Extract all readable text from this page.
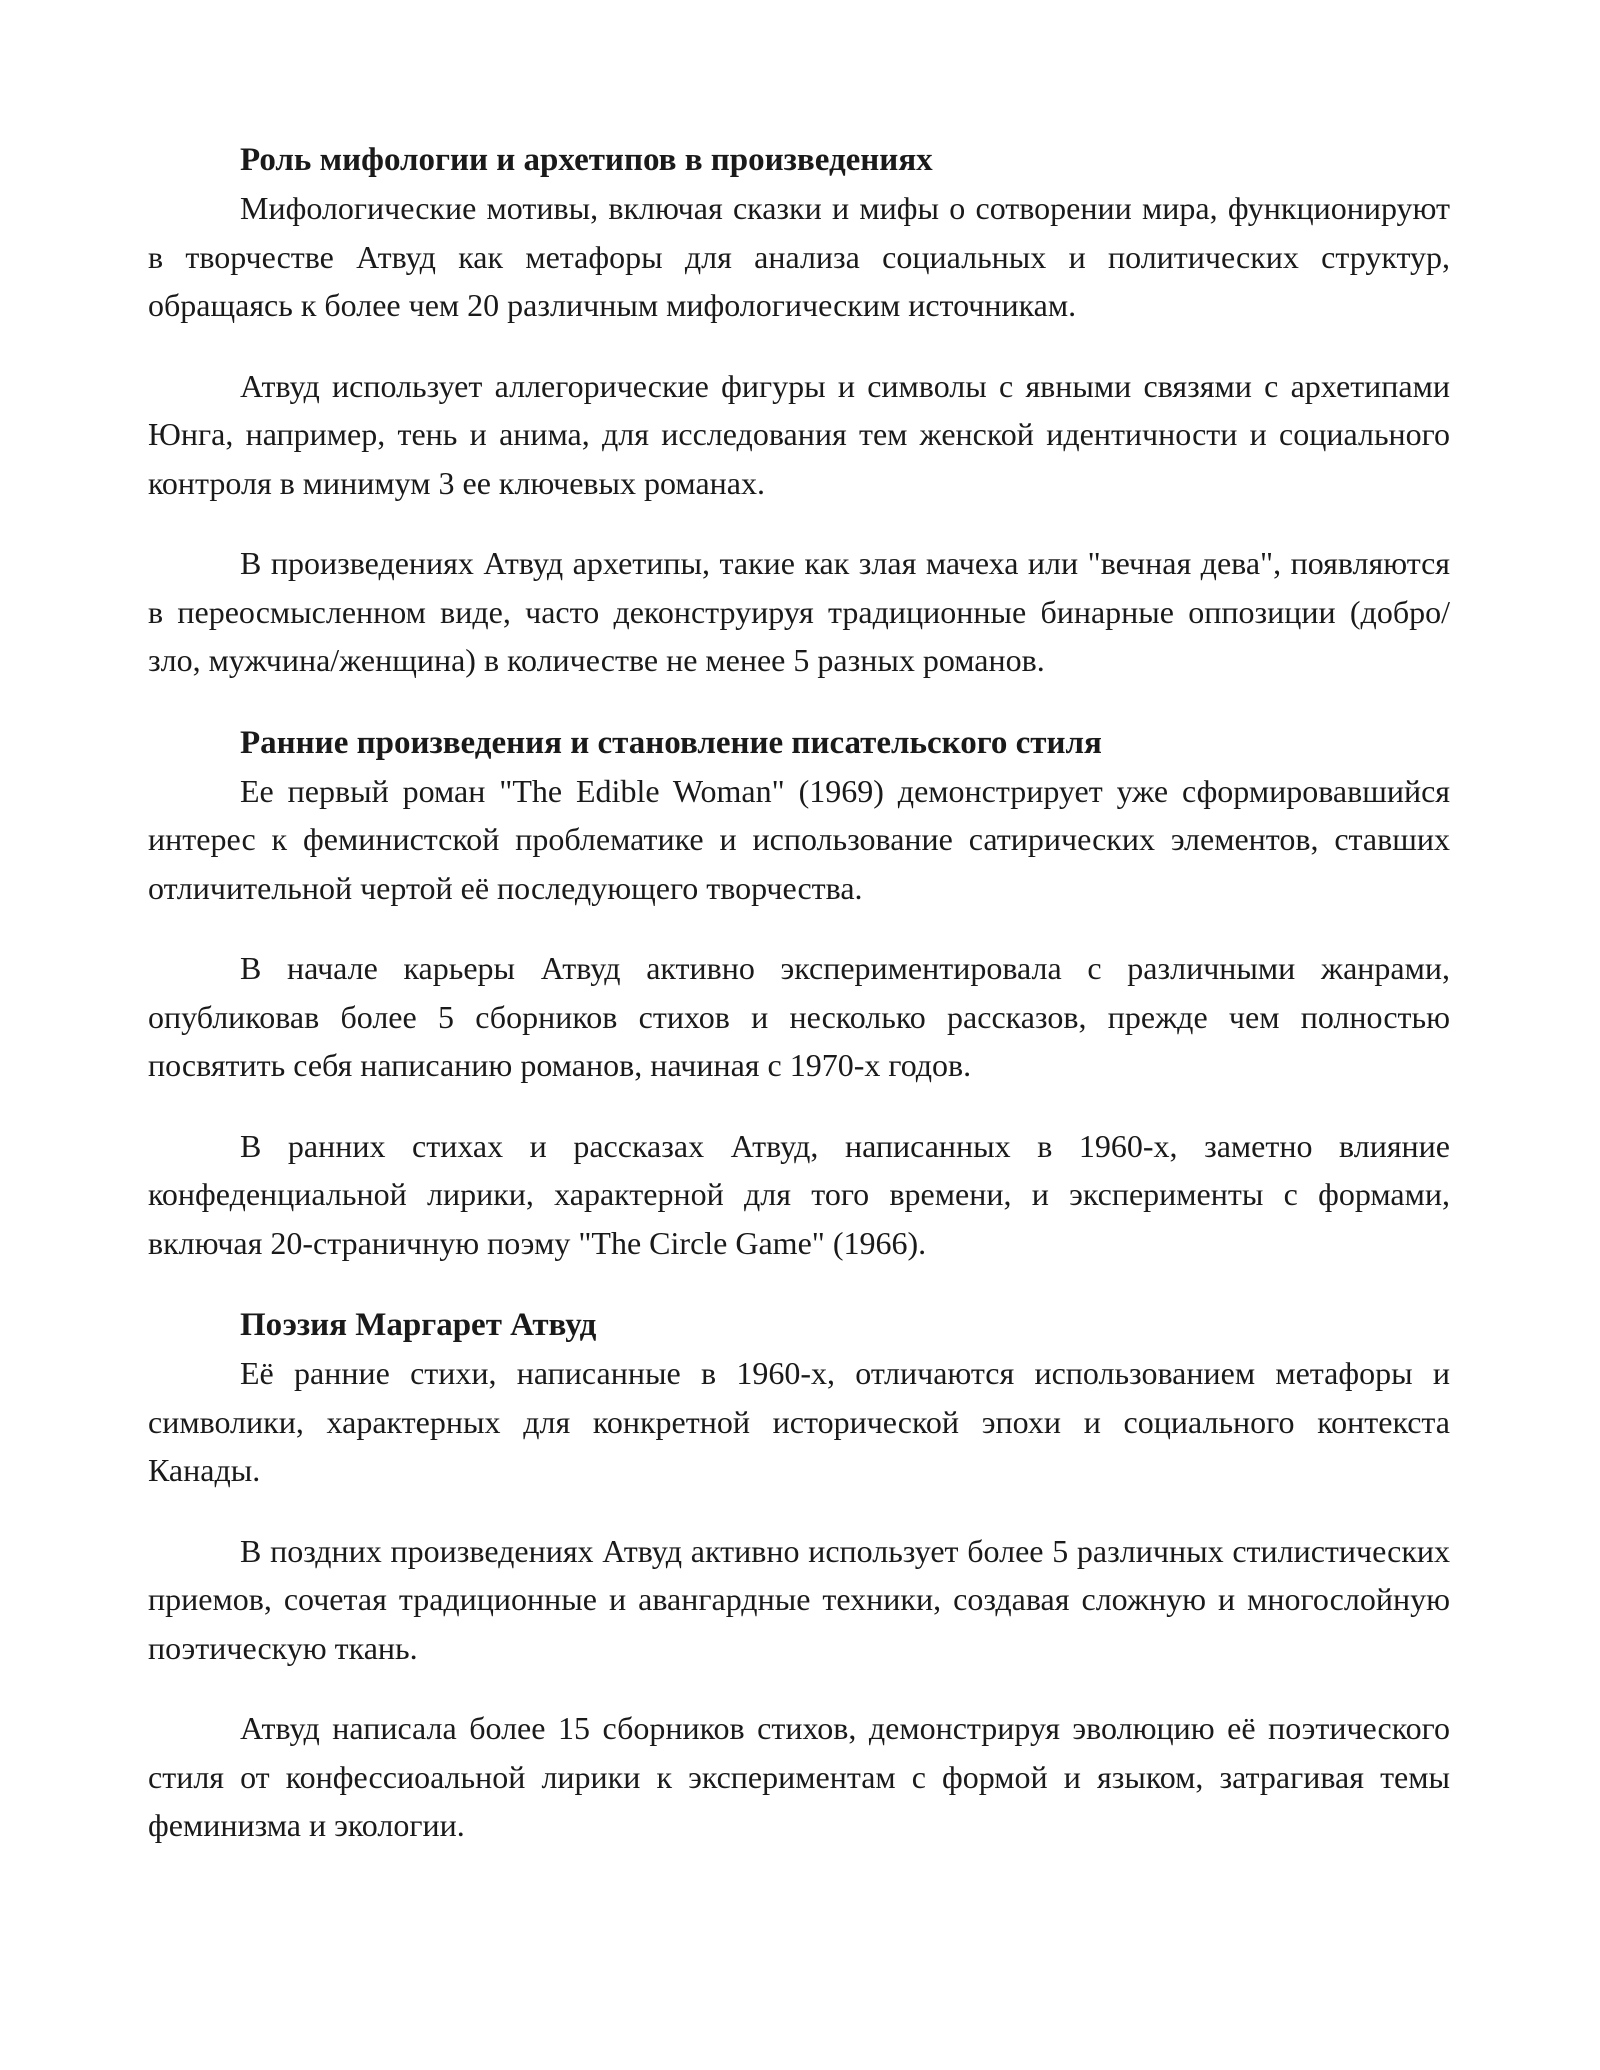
Роль мифологии и архетипов в произведениях

Мифологические мотивы, включая сказки и мифы о сотворении мира, функционируют в творчестве Атвуд как метафоры для анализа социальных и политических структур, обращаясь к более чем 20 различным мифологическим источникам.

Атвуд использует аллегорические фигуры и символы с явными связями с архетипами Юнга, например, тень и анима, для исследования тем женской идентичности и социального контроля в минимум 3 ее ключевых романах.

В произведениях Атвуд архетипы, такие как злая мачеха или "вечная дева", появляются в переосмысленном виде, часто деконструируя традиционные бинарные оппозиции (добро/зло, мужчина/женщина) в количестве не менее 5 разных романов.

Ранние произведения и становление писательского стиля

Ее первый роман "The Edible Woman" (1969) демонстрирует уже сформировавшийся интерес к феминистской проблематике и использование сатирических элементов, ставших отличительной чертой её последующего творчества.

В начале карьеры Атвуд активно экспериментировала с различными жанрами, опубликовав более 5 сборников стихов и несколько рассказов, прежде чем полностью посвятить себя написанию романов, начиная с 1970-х годов.

В ранних стихах и рассказах Атвуд, написанных в 1960-х, заметно влияние конфеденциальной лирики, характерной для того времени, и эксперименты с формами, включая 20-страничную поэму "The Circle Game" (1966).

Поэзия Маргарет Атвуд

Её ранние стихи, написанные в 1960-х, отличаются использованием метафоры и символики, характерных для конкретной исторической эпохи и социального контекста Канады.

В поздних произведениях Атвуд активно использует более 5 различных стилистических приемов, сочетая традиционные и авангардные техники, создавая сложную и многослойную поэтическую ткань.

Атвуд написала более 15 сборников стихов, демонстрируя эволюцию её поэтического стиля от конфессиоальной лирики к экспериментам с формой и языком, затрагивая темы феминизма и экологии.
